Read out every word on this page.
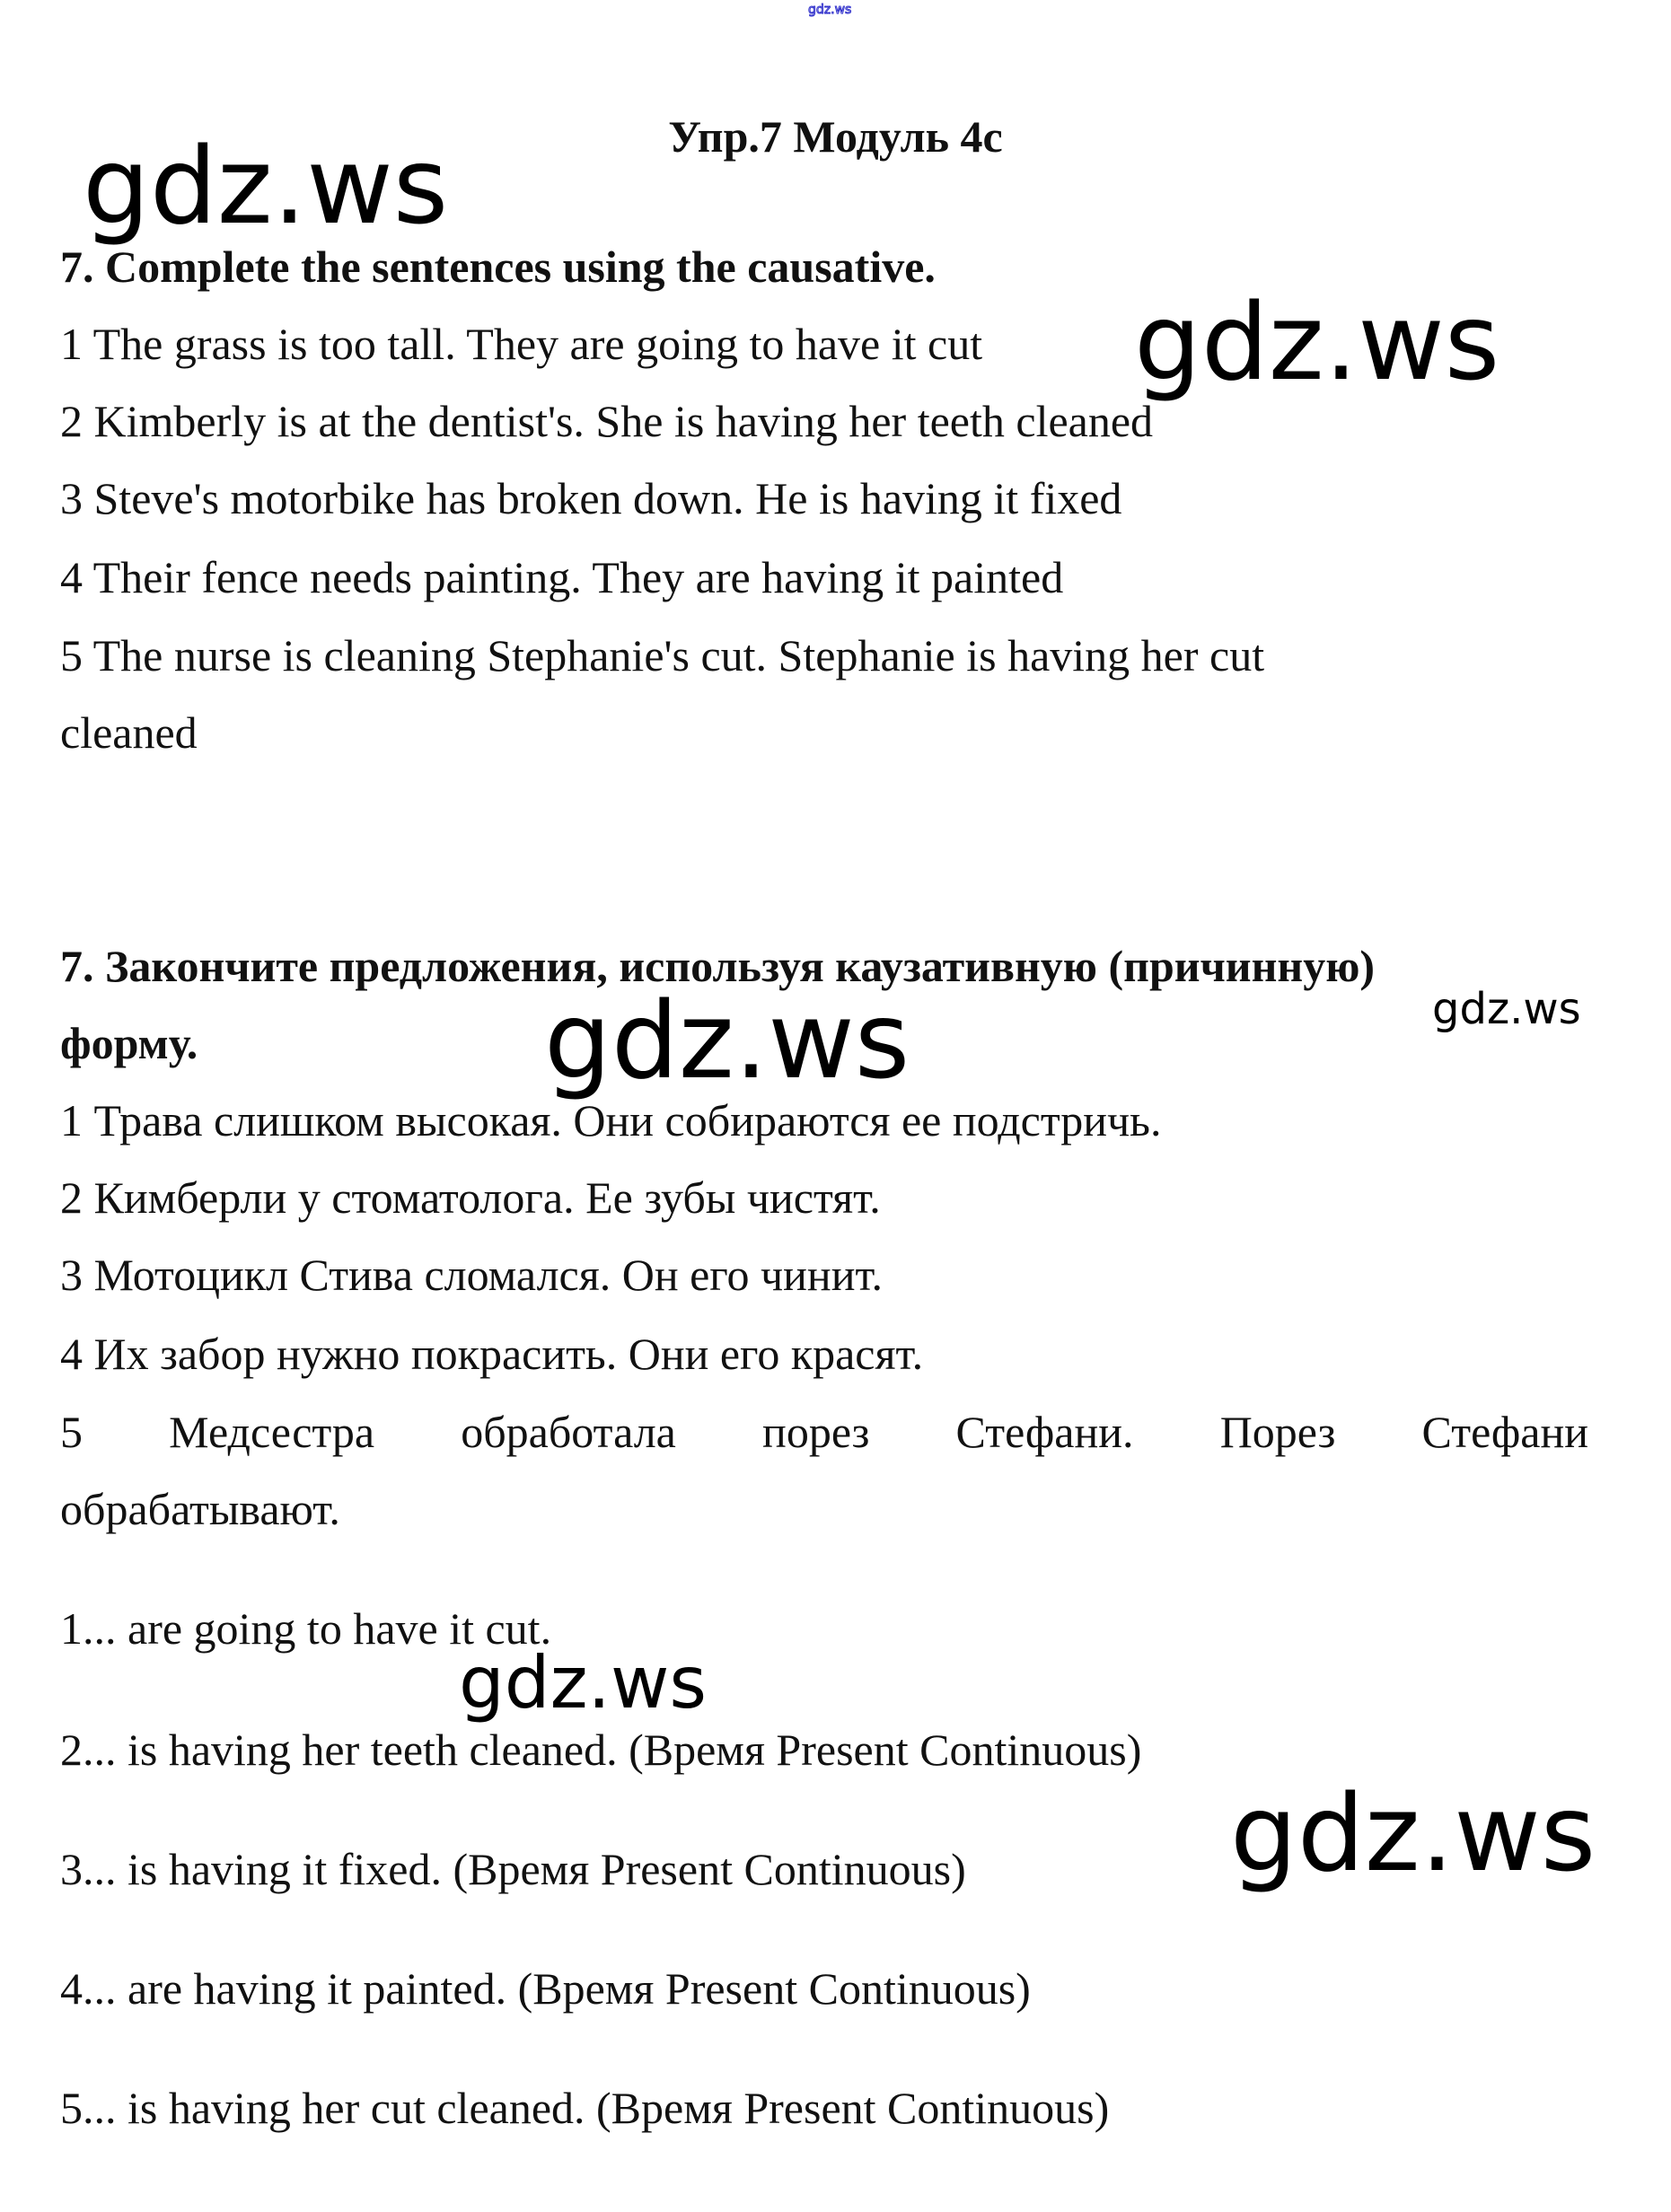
gdz.ws
Упр.7 Модуль 4c
7. Complete the sentences using the causative.
1 The grass is too tall. They are going to have it cut
2 Kimberly is at the dentist's. She is having her teeth cleaned
3 Steve's motorbike has broken down. He is having it fixed
4 Their fence needs painting. They are having it painted
5 The nurse is cleaning Stephanie's cut. Stephanie is having her cut
cleaned
7. Закончите предложения, используя каузативную (причинную)
форму.
1 Трава слишком высокая. Они собираются ее подстричь.
2 Кимберли у стоматолога. Ее зубы чистят.
3 Мотоцикл Стива сломался. Он его чинит.
4 Их забор нужно покрасить. Они его красят.
5 Медсестра обработала порез Стефани. Порез Стефани
обрабатывают.
1... are going to have it cut.
2... is having her teeth cleaned. (Время Present Continuous)
3... is having it fixed. (Время Present Continuous)
4... are having it painted. (Время Present Continuous)
5... is having her cut cleaned. (Время Present Continuous)
gdz.ws
gdz.ws
gdz.ws	gdz.ws
gdz.ws
gdz.ws
